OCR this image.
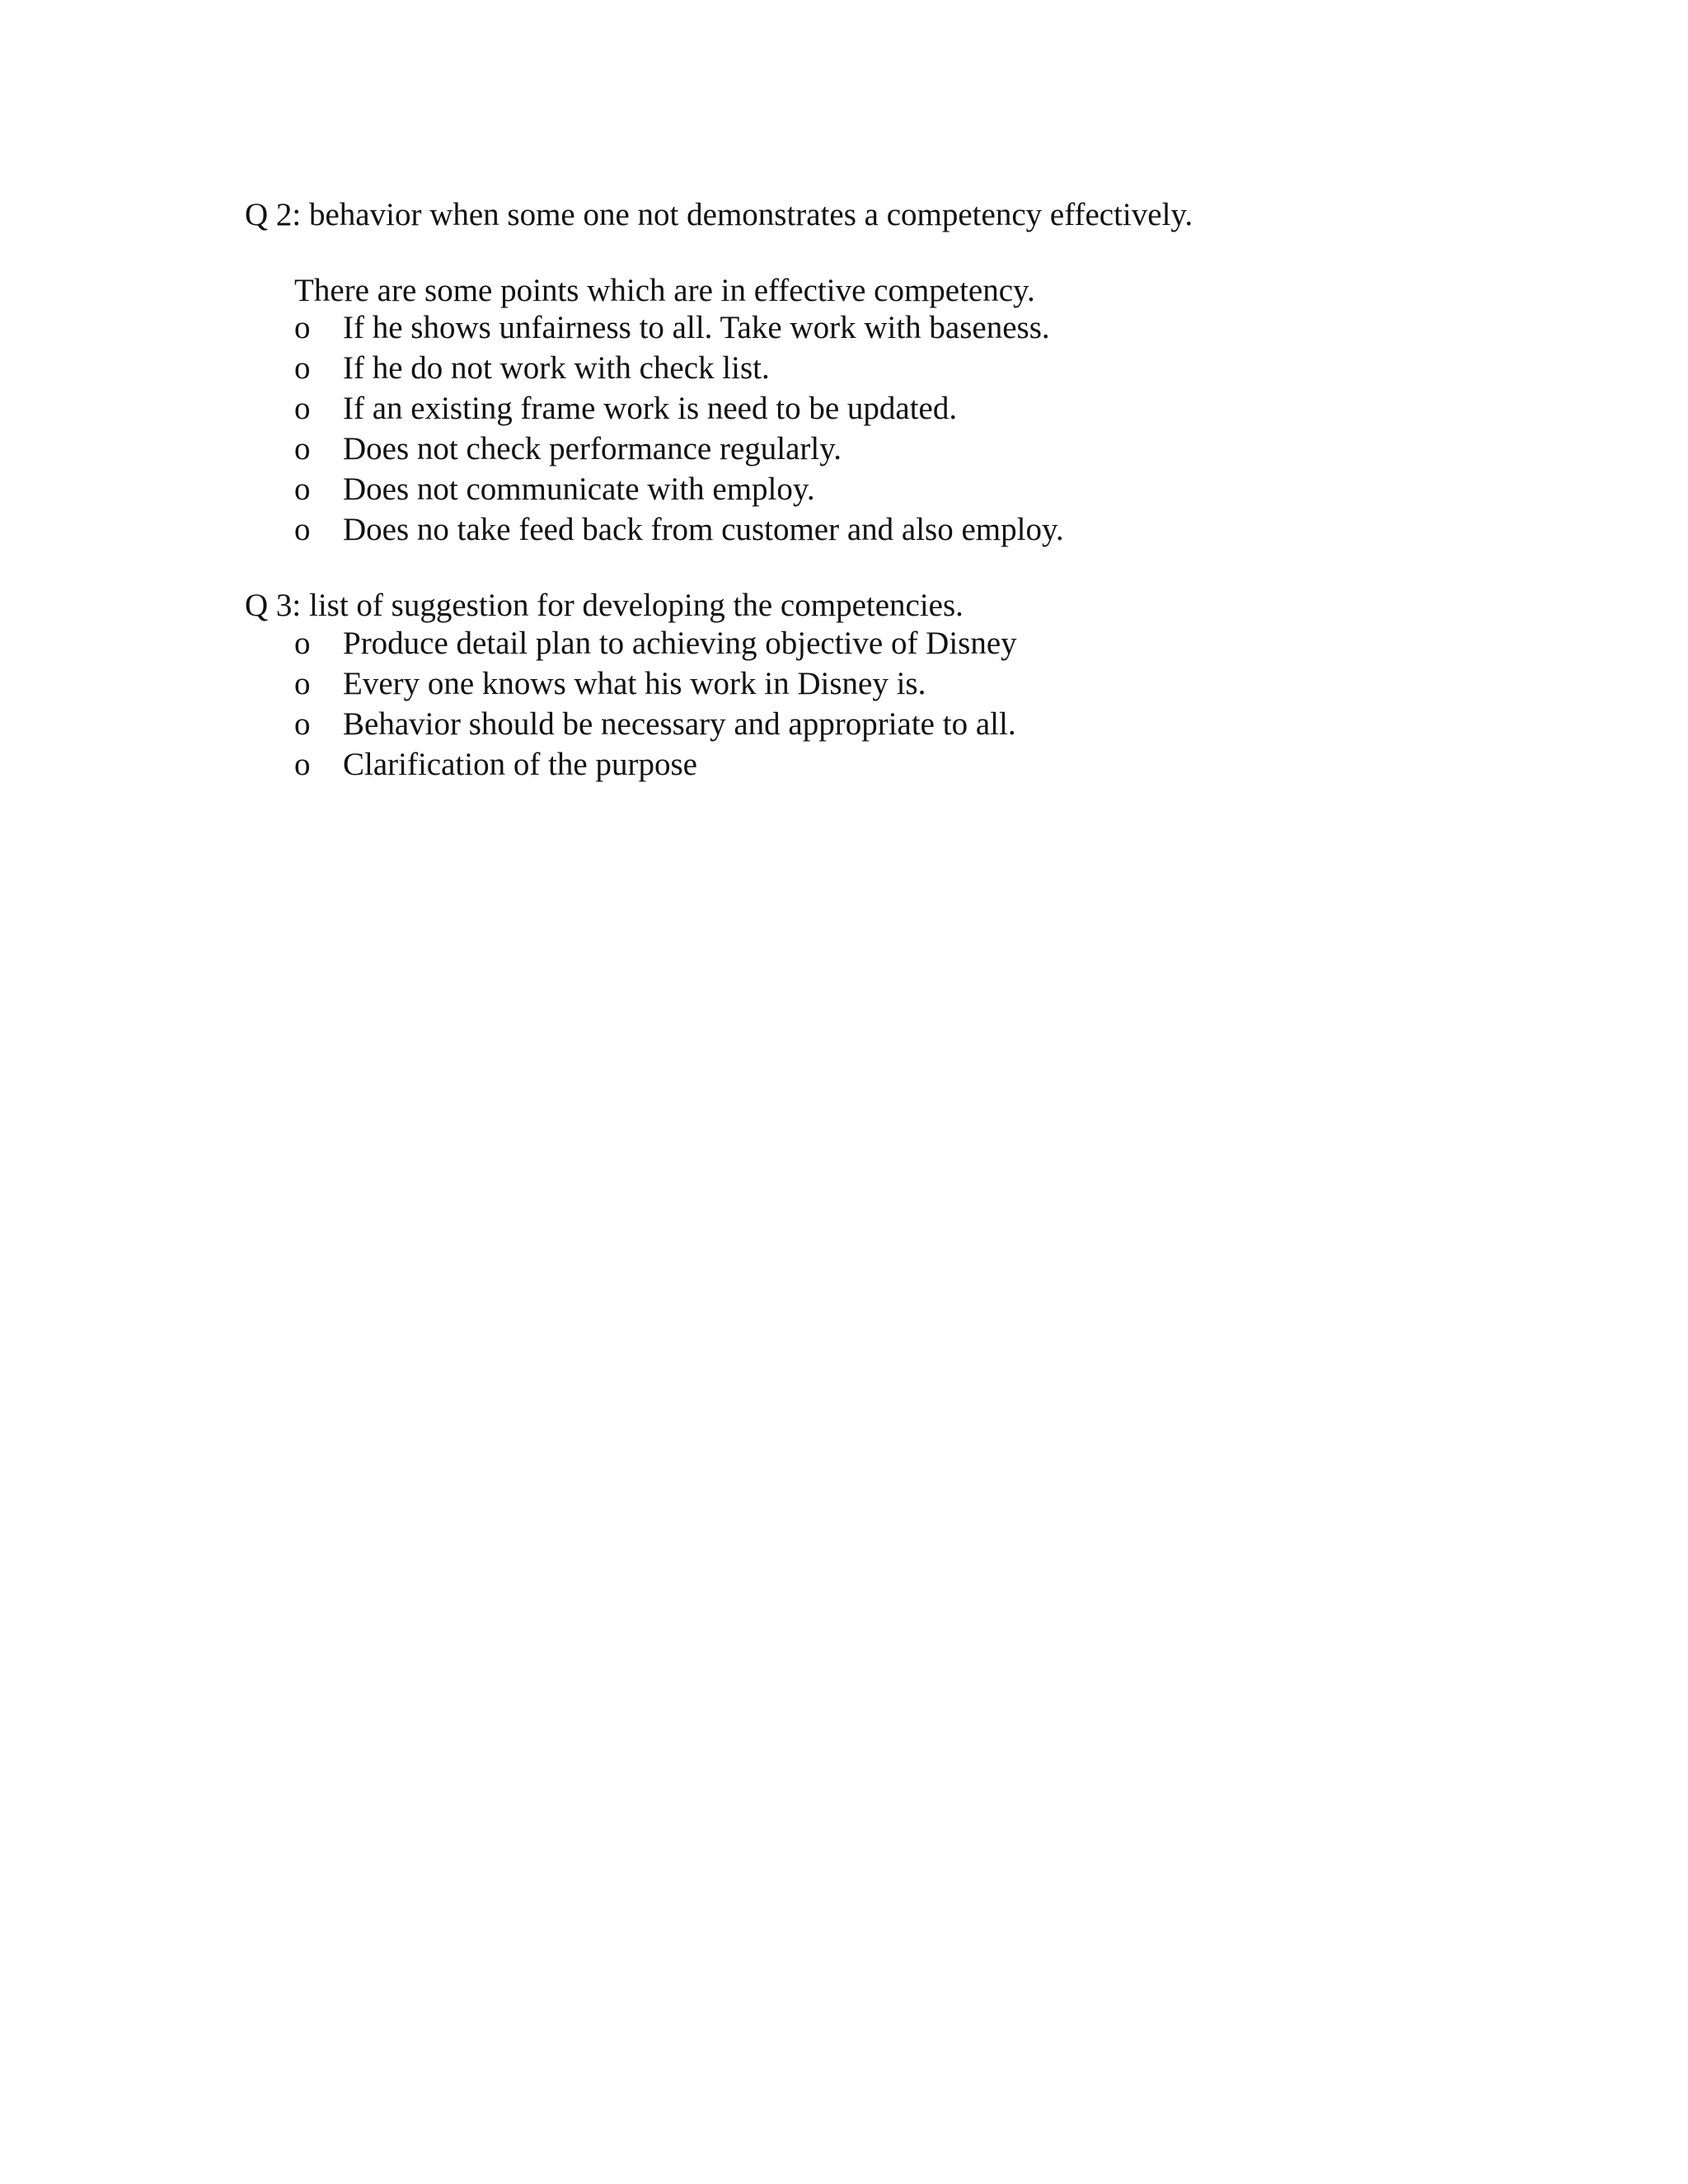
Q 2: behavior when some one not demonstrates a competency effectively.
There are some points which are in effective competency.
o If he shows unfairness to all. Take work with baseness.
o If he do not work with check list.
o If an existing frame work is need to be updated.
o Does not check performance regularly.
o Does not communicate with employ.
o Does no take feed back from customer and also employ.
Q 3: list of suggestion for developing the competencies.
o Produce detail plan to achieving objective of Disney
o Every one knows what his work in Disney is.
o Behavior should be necessary and appropriate to all.
o Clarification of the purpose
